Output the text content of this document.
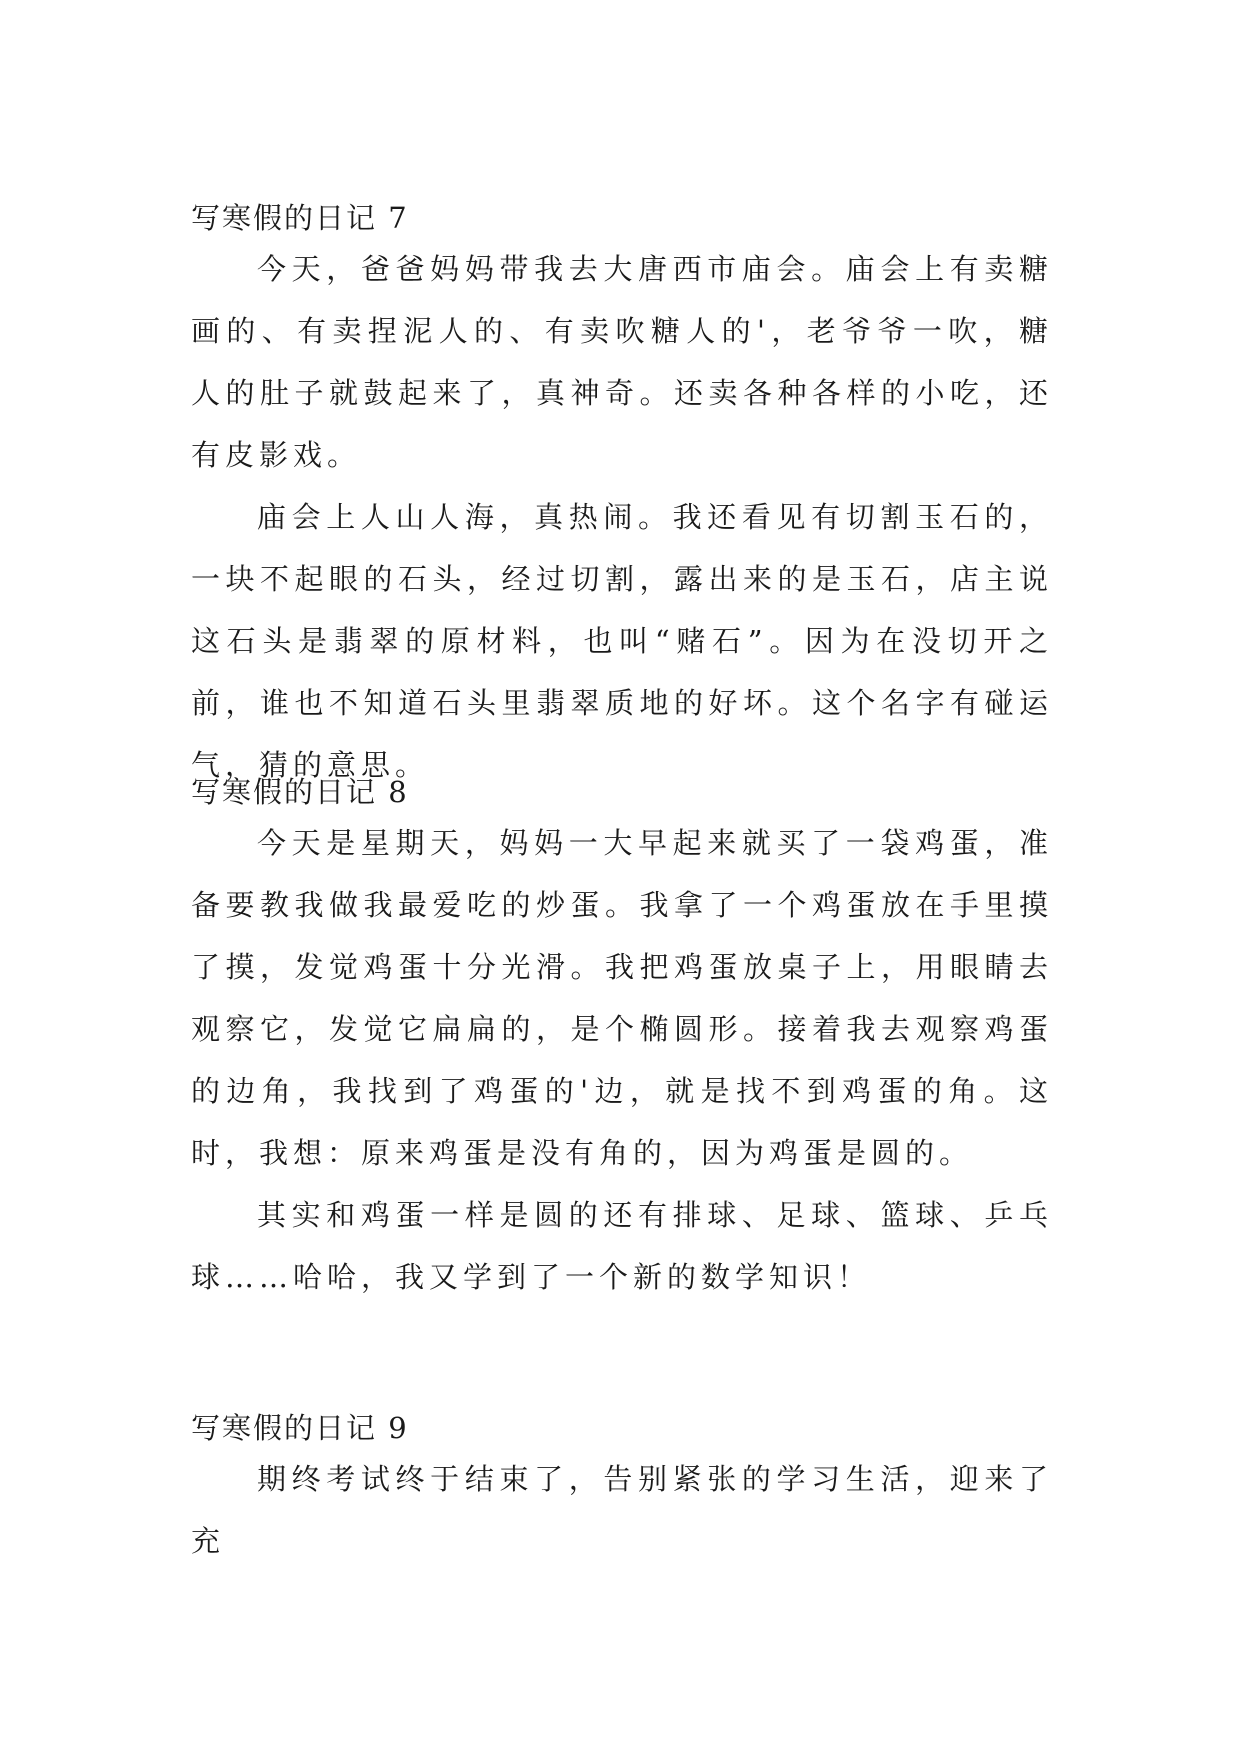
写寒假的日记 7

今天，爸爸妈妈带我去大唐西市庙会。庙会上有卖糖画的、有卖捏泥人的、有卖吹糖人的'，老爷爷一吹，糖人的肚子就鼓起来了，真神奇。还卖各种各样的小吃，还有皮影戏。

庙会上人山人海，真热闹。我还看见有切割玉石的，一块不起眼的石头，经过切割，露出来的是玉石，店主说这石头是翡翠的原材料，也叫“赌石”。因为在没切开之前，谁也不知道石头里翡翠质地的好坏。这个名字有碰运气，猜的意思。

写寒假的日记 8

今天是星期天，妈妈一大早起来就买了一袋鸡蛋，准备要教我做我最爱吃的炒蛋。我拿了一个鸡蛋放在手里摸了摸，发觉鸡蛋十分光滑。我把鸡蛋放桌子上，用眼睛去观察它，发觉它扁扁的，是个椭圆形。接着我去观察鸡蛋的边角，我找到了鸡蛋的'边，就是找不到鸡蛋的角。这时，我想：原来鸡蛋是没有角的，因为鸡蛋是圆的。

其实和鸡蛋一样是圆的还有排球、足球、篮球、乒乓球……哈哈，我又学到了一个新的数学知识！

写寒假的日记 9

期终考试终于结束了，告别紧张的学习生活，迎来了充
